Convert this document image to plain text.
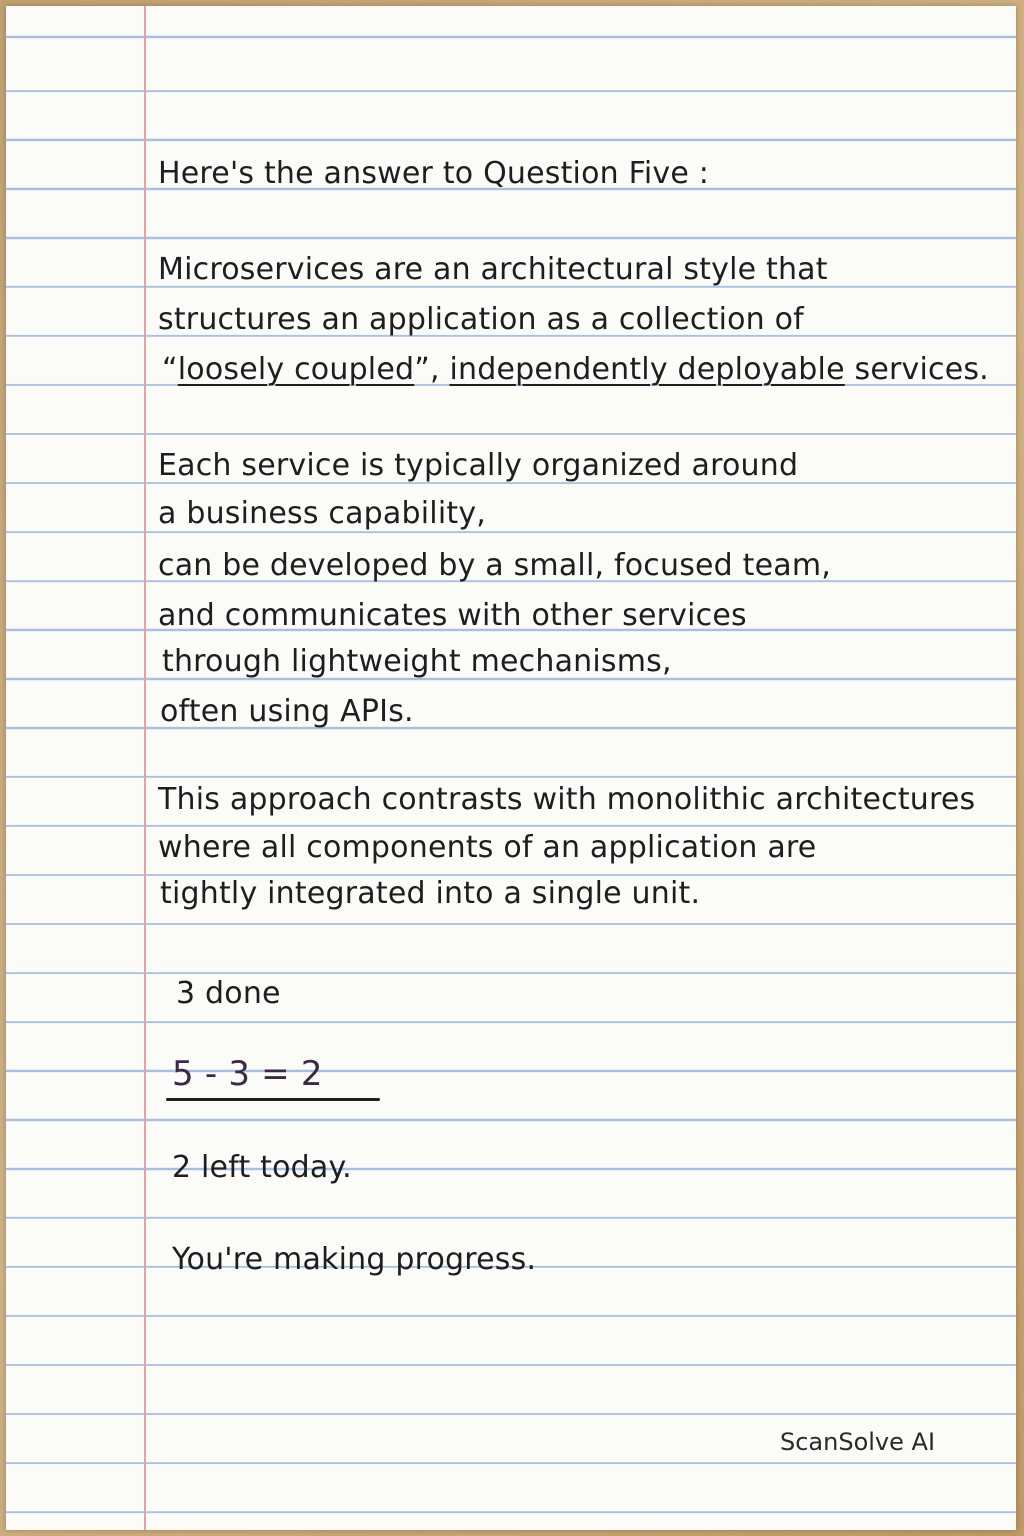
Here's the answer to Question Five :
Microservices are an architectural style that
structures an application as a collection of
“loosely coupled”, independently deployable services.
Each service is typically organized around
a business capability,
can be developed by a small, focused team,
and communicates with other services
through lightweight mechanisms,
often using APIs.
This approach contrasts with monolithic architectures
where all components of an application are
tightly integrated into a single unit.
3 done
5 - 3 = 2
2 left today.
You're making progress.
ScanSolve AI
